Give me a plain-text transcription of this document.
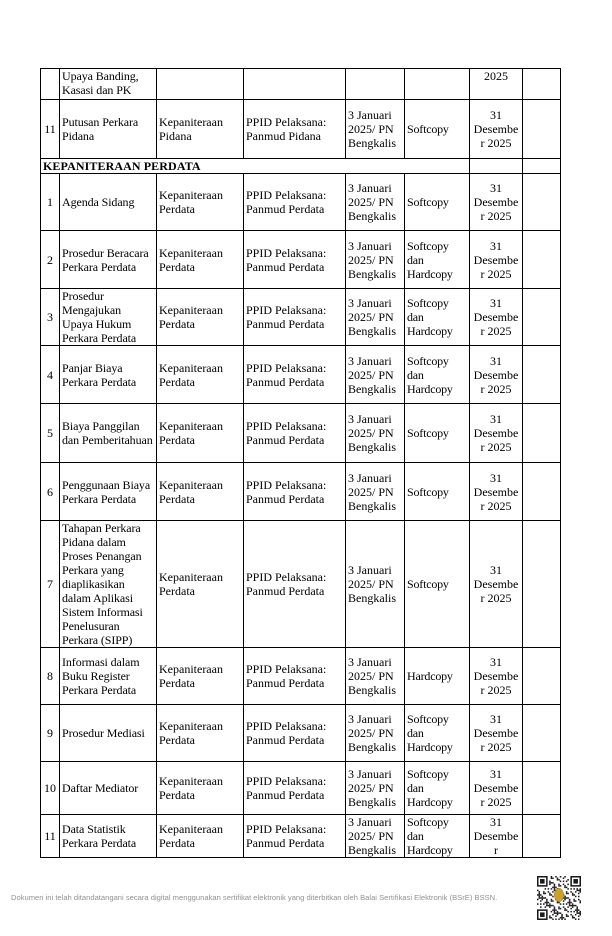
	Upaya Banding, Kasasi dan PK					2025	
11	Putusan Perkara Pidana	Kepaniteraan Pidana	PPID Pelaksana: Panmud Pidana	3 Januari 2025/ PN Bengkalis	Softcopy	31 Desember 2025	
KEPANITERAAN PERDATA							
1	Agenda Sidang	Kepaniteraan Perdata	PPID Pelaksana: Panmud Perdata	3 Januari 2025/ PN Bengkalis	Softcopy	31 Desember 2025	
2	Prosedur Beracara Perkara Perdata	Kepaniteraan Perdata	PPID Pelaksana: Panmud Perdata	3 Januari 2025/ PN Bengkalis	Softcopy dan Hardcopy	31 Desember 2025	
3	Prosedur Mengajukan Upaya Hukum Perkara Perdata	Kepaniteraan Perdata	PPID Pelaksana: Panmud Perdata	3 Januari 2025/ PN Bengkalis	Softcopy dan Hardcopy	31 Desember 2025	
4	Panjar Biaya Perkara Perdata	Kepaniteraan Perdata	PPID Pelaksana: Panmud Perdata	3 Januari 2025/ PN Bengkalis	Softcopy dan Hardcopy	31 Desember 2025	
5	Biaya Panggilan dan Pemberitahuan	Kepaniteraan Perdata	PPID Pelaksana: Panmud Perdata	3 Januari 2025/ PN Bengkalis	Softcopy	31 Desember 2025	
6	Penggunaan Biaya Perkara Perdata	Kepaniteraan Perdata	PPID Pelaksana: Panmud Perdata	3 Januari 2025/ PN Bengkalis	Softcopy	31 Desember 2025	
7	Tahapan Perkara Pidana dalam Proses Penangan Perkara yang diaplikasikan dalam Aplikasi Sistem Informasi Penelusuran Perkara (SIPP)	Kepaniteraan Perdata	PPID Pelaksana: Panmud Perdata	3 Januari 2025/ PN Bengkalis	Softcopy	31 Desember 2025	
8	Informasi dalam Buku Register Perkara Perdata	Kepaniteraan Perdata	PPID Pelaksana: Panmud Perdata	3 Januari 2025/ PN Bengkalis	Hardcopy	31 Desember 2025	
9	Prosedur Mediasi	Kepaniteraan Perdata	PPID Pelaksana: Panmud Perdata	3 Januari 2025/ PN Bengkalis	Softcopy dan Hardcopy	31 Desember 2025	
10	Daftar Mediator	Kepaniteraan Perdata	PPID Pelaksana: Panmud Perdata	3 Januari 2025/ PN Bengkalis	Softcopy dan Hardcopy	31 Desember 2025	
11	Data Statistik Perkara Perdata	Kepaniteraan Perdata	PPID Pelaksana: Panmud Perdata	3 Januari 2025/ PN Bengkalis	Softcopy dan Hardcopy	31 Desember	
Dokumen ini telah ditandatangani secara digital menggunakan sertifikat elektronik yang diterbitkan oleh Balai Sertifikasi Elektronik (BSrE) BSSN.
